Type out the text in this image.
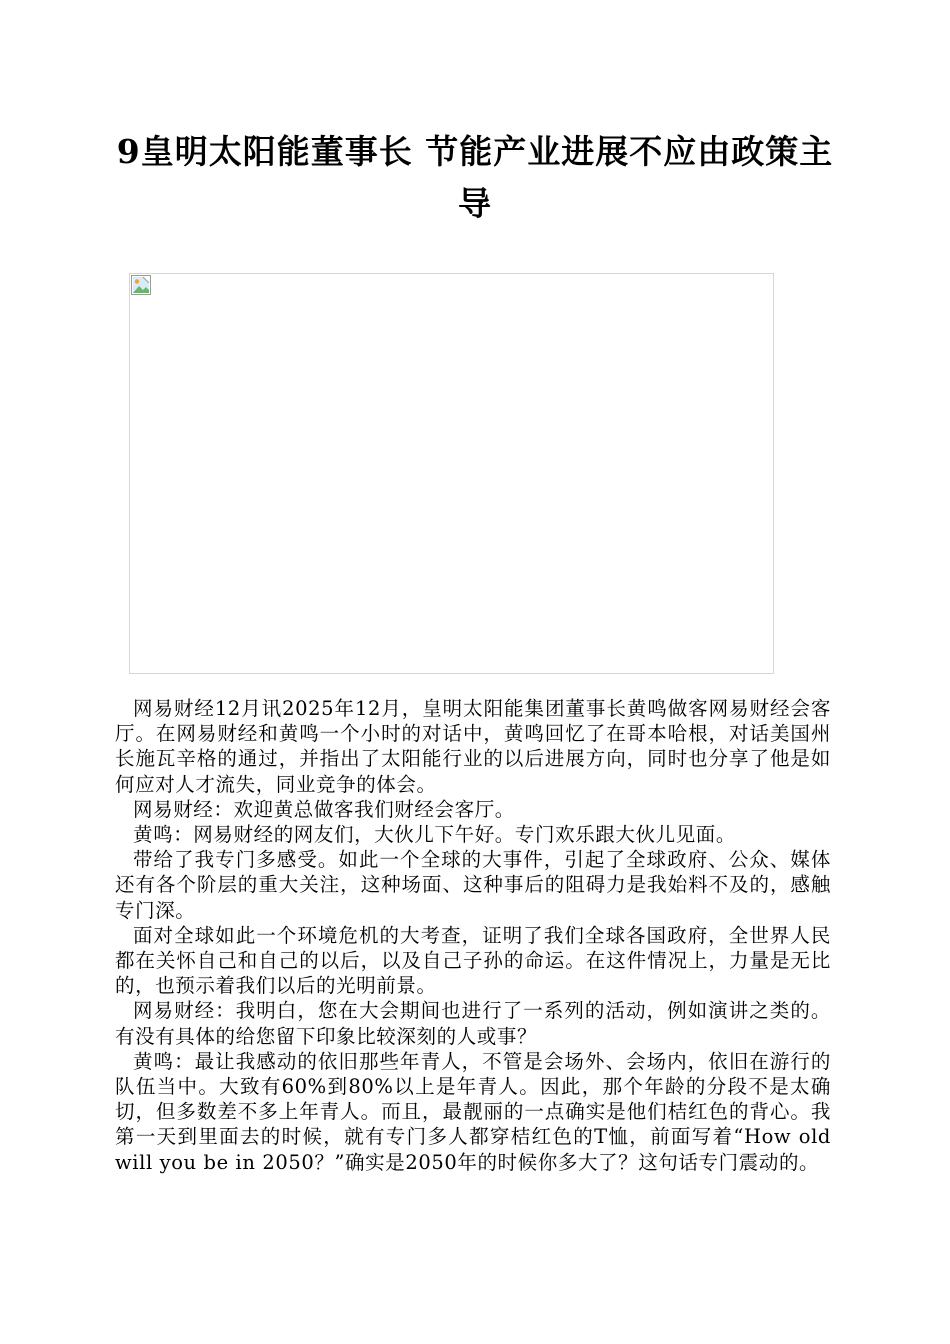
9皇明太阳能董事长 节能产业进展不应由政策主导

网易财经12月讯2025年12月，皇明太阳能集团董事长黄鸣做客网易财经会客厅。在网易财经和黄鸣一个小时的对话中，黄鸣回忆了在哥本哈根，对话美国州长施瓦辛格的通过，并指出了太阳能行业的以后进展方向，同时也分享了他是如何应对人才流失，同业竞争的体会。

网易财经：欢迎黄总做客我们财经会客厅。

黄鸣：网易财经的网友们，大伙儿下午好。专门欢乐跟大伙儿见面。

带给了我专门多感受。如此一个全球的大事件，引起了全球政府、公众、媒体还有各个阶层的重大关注，这种场面、这种事后的阻碍力是我始料不及的，感触专门深。

面对全球如此一个环境危机的大考查，证明了我们全球各国政府，全世界人民都在关怀自己和自己的以后，以及自己子孙的命运。在这件情况上，力量是无比的，也预示着我们以后的光明前景。

网易财经：我明白，您在大会期间也进行了一系列的活动，例如演讲之类的。有没有具体的给您留下印象比较深刻的人或事？

黄鸣：最让我感动的依旧那些年青人，不管是会场外、会场内，依旧在游行的队伍当中。大致有60%到80%以上是年青人。因此，那个年龄的分段不是太确切，但多数差不多上年青人。而且，最靓丽的一点确实是他们桔红色的背心。我第一天到里面去的时候，就有专门多人都穿桔红色的T恤，前面写着“How old will you be in 2050？”确实是2050年的时候你多大了？这句话专门震动的。
